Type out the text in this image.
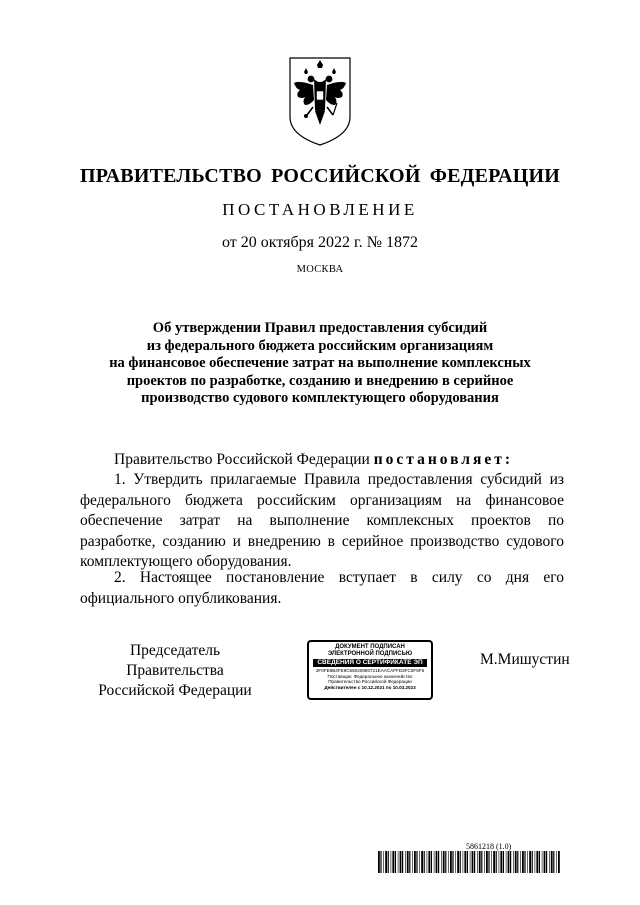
ПРАВИТЕЛЬСТВО РОССИЙСКОЙ ФЕДЕРАЦИИ
ПОСТАНОВЛЕНИЕ
от 20 октября 2022 г. № 1872
МОСКВА
Об утверждении Правил предоставления субсидий
из федерального бюджета российским организациям
на финансовое обеспечение затрат на выполнение комплексных
проектов по разработке, созданию и внедрению в серийное
производство судового комплектующего оборудования
Правительство Российской Федерации постановляет:
1. Утвердить прилагаемые Правила предоставления субсидий из федерального бюджета российским организациям на финансовое обеспечение затрат на выполнение комплексных проектов по разработке, созданию и внедрению в серийное производство судового комплектующего оборудования.
2. Настоящее постановление вступает в силу со дня его официального опубликования.
Председатель Правительства
Российской Федерации
ДОКУМЕНТ ПОДПИСАН
ЭЛЕКТРОННОЙ ПОДПИСЬЮ
СВЕДЕНИЯ О СЕРТИФИКАТЕ ЭП
3F0FE8B4FE9C55020880721EAACAFFD3FC5F5F6
Поставщик: Федеральное казначейство
Правительство Российской Федерации
Действителен с 10.12.2021 по 10.03.2023
М.Мишустин
5861218 (1.0)
